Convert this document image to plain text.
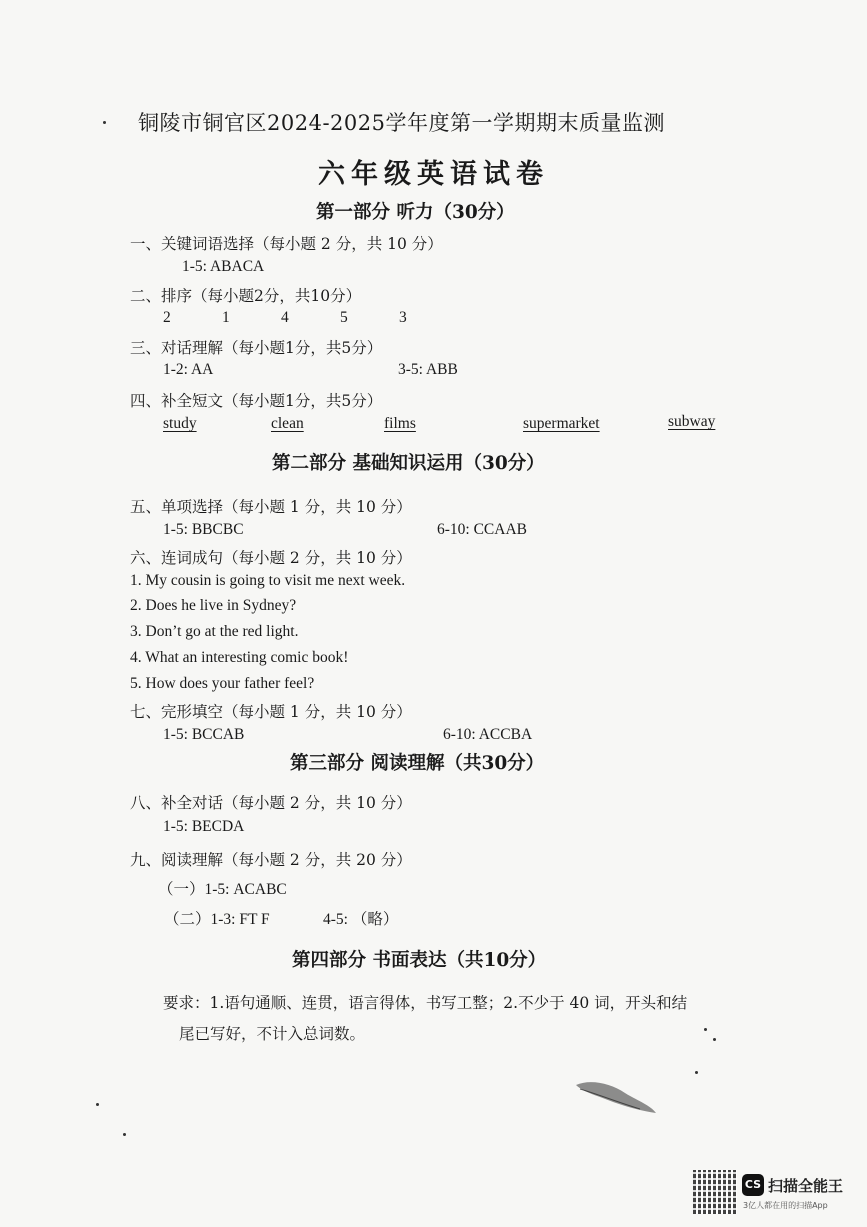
铜陵市铜官区2024-2025学年度第一学期期末质量监测
六年级英语试卷
第一部分 听力（30分）
一、关键词语选择（每小题 2 分，共 10 分）
1-5: ABACA
二、排序（每小题2分，共10分）
2	1	4	5	3
三、对话理解（每小题1分，共5分）
1-2: AA	3-5: ABB
四、补全短文（每小题1分，共5分）
study	clean	films	supermarket	subway
第二部分 基础知识运用（30分）
五、单项选择（每小题 1 分，共 10 分）
1-5: BBCBC	6-10: CCAAB
六、连词成句（每小题 2 分，共 10 分）
1. My cousin is going to visit me next week.
2. Does he live in Sydney?
3. Don’t go at the red light.
4. What an interesting comic book!
5. How does your father feel?
七、完形填空（每小题 1 分，共 10 分）
1-5: BCCAB	6-10: ACCBA
第三部分 阅读理解（共30分）
八、补全对话（每小题 2 分，共 10 分）
1-5: BECDA
九、阅读理解（每小题 2 分，共 20 分）
（一）1-5: ACABC
（二）1-3: FT F	4-5: （略）
第四部分 书面表达（共10分）
要求：1.语句通顺、连贯，语言得体，书写工整；2.不少于 40 词，开头和结
尾已写好，不计入总词数。
CS 扫描全能王
3亿人都在用的扫描App
